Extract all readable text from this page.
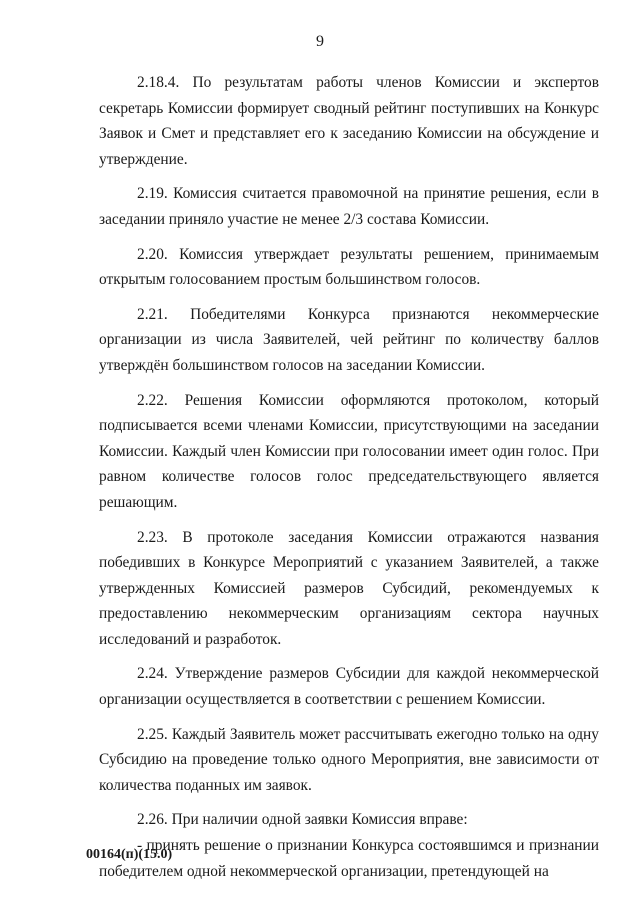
9

2.18.4. По результатам работы членов Комиссии и экспертов секретарь Комиссии формирует сводный рейтинг поступивших на Конкурс Заявок и Смет и представляет его к заседанию Комиссии на обсуждение и утверждение.

2.19. Комиссия считается правомочной на принятие решения, если в заседании приняло участие не менее 2/3 состава Комиссии.

2.20. Комиссия утверждает результаты решением, принимаемым открытым голосованием простым большинством голосов.

2.21. Победителями Конкурса признаются некоммерческие организации из числа Заявителей, чей рейтинг по количеству баллов утверждён большинством голосов на заседании Комиссии.

2.22. Решения Комиссии оформляются протоколом, который подписывается всеми членами Комиссии, присутствующими на заседании Комиссии. Каждый член Комиссии при голосовании имеет один голос. При равном количестве голосов голос председательствующего является решающим.

2.23. В протоколе заседания Комиссии отражаются названия победивших в Конкурсе Мероприятий с указанием Заявителей, а также утвержденных Комиссией размеров Субсидий, рекомендуемых к предоставлению некоммерческим организациям сектора научных исследований и разработок.

2.24. Утверждение размеров Субсидии для каждой некоммерческой организации осуществляется в соответствии с решением Комиссии.

2.25. Каждый Заявитель может рассчитывать ежегодно только на одну Субсидию на проведение только одного Мероприятия, вне зависимости от количества поданных им заявок.

2.26. При наличии одной заявки Комиссия вправе:

- принять решение о признании Конкурса состоявшимся и признании победителем одной некоммерческой организации, претендующей на

00164(п)(15.0)
